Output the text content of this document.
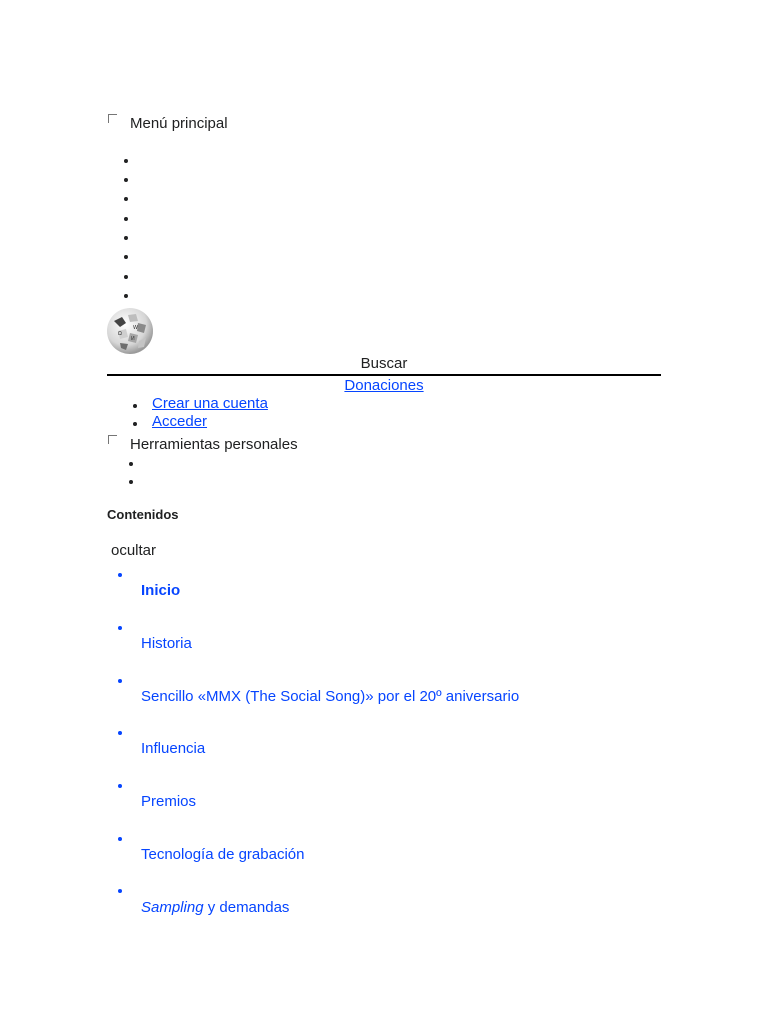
Menú principal
Ω
W
И
Buscar
Donaciones
Crear una cuenta
Acceder
Herramientas personales
Contenidos
ocultar
Inicio
Historia
Sencillo «MMX (The Social Song)» por el 20º aniversario
Influencia
Premios
Tecnología de grabación
Sampling y demandas
